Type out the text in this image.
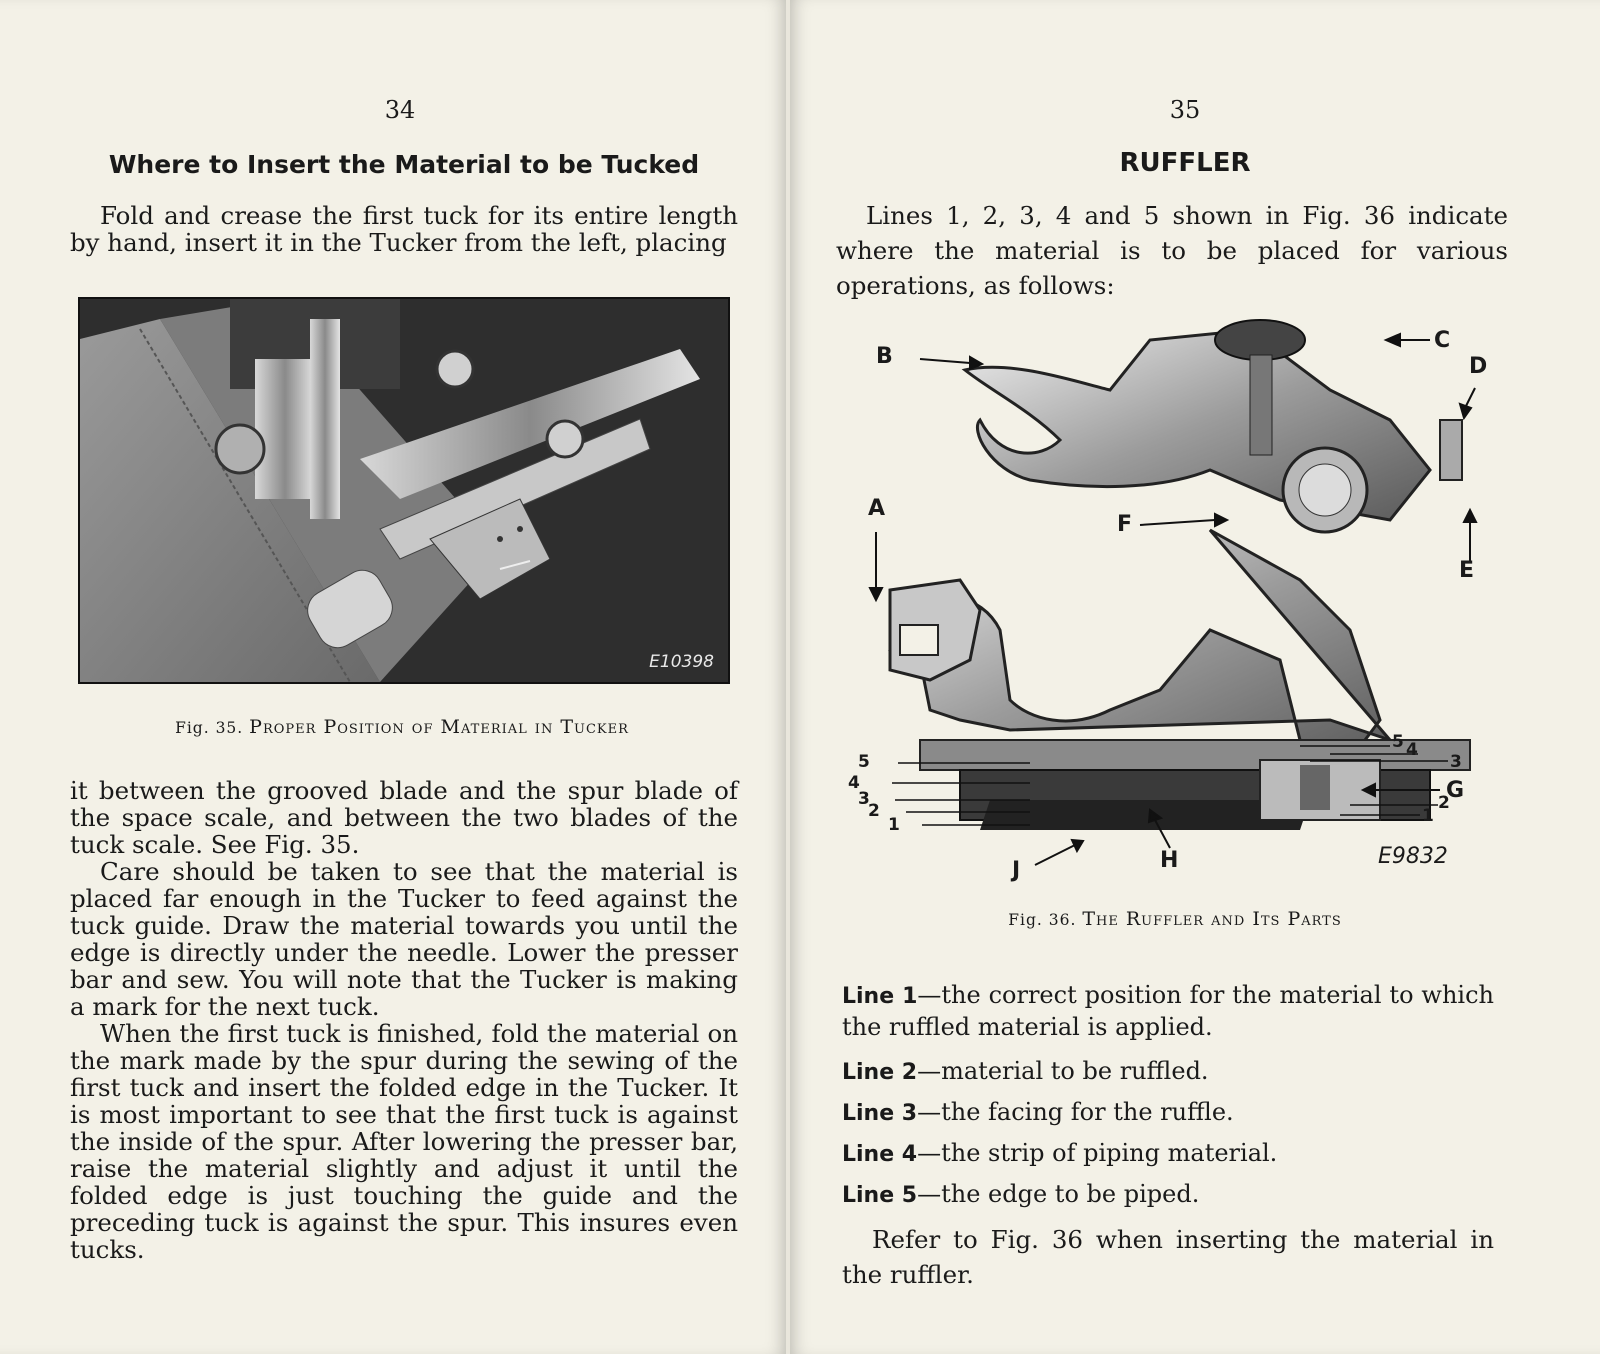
34
Where to Insert the Material to be Tucked
Fold and crease the first tuck for its entire length by hand, insert it in the Tucker from the left, placing
E10398
Fig. 35. Proper Position of Material in Tucker

it between the grooved blade and the spur blade of the space scale, and between the two blades of the tuck scale. See Fig. 35.

Care should be taken to see that the material is placed far enough in the Tucker to feed against the tuck guide. Draw the material towards you until the edge is directly under the needle. Lower the presser bar and sew. You will note that the Tucker is making a mark for the next tuck.

When the first tuck is finished, fold the material on the mark made by the spur during the sewing of the first tuck and insert the folded edge in the Tucker. It is most important to see that the first tuck is against the inside of the spur. After lowering the presser bar, raise the material slightly and adjust it until the folded edge is just touching the guide and the preceding tuck is against the spur. This insures even tucks.

35
RUFFLER
Lines 1, 2, 3, 4 and 5 shown in Fig. 36 indicate where the material is to be placed for various operations, as follows:
B
C
D
E
A
F
G
H
J
5
4
3
2
1
5 4
3
2
1
E9832
Fig. 36. The Ruffler and Its Parts
Line 1—the correct position for the material to which the ruffled material is applied.
Line 2—material to be ruffled.
Line 3—the facing for the ruffle.
Line 4—the strip of piping material.
Line 5—the edge to be piped.
Refer to Fig. 36 when inserting the material in the ruffler.
